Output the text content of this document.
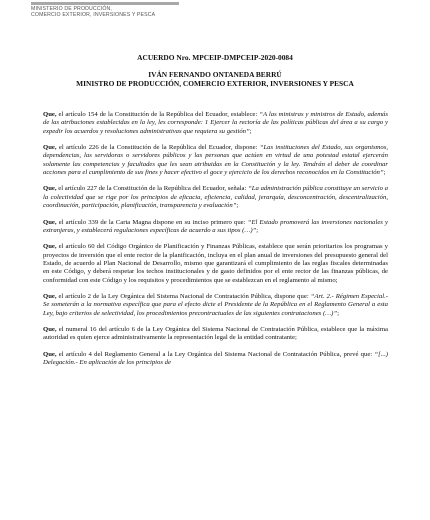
MINISTERIO DE PRODUCCIÓN,
COMERCIO EXTERIOR, INVERSIONES Y PESCA
ACUERDO Nro. MPCEIP-DMPCEIP-2020-0084
IVÁN FERNANDO ONTANEDA BERRÚ
MINISTRO DE PRODUCCIÓN, COMERCIO EXTERIOR, INVERSIONES Y PESCA

Que, el artículo 154 de la Constitución de la República del Ecuador, establece: “A las ministras y ministros de Estado, además de las atribuciones establecidas en la ley, les corresponde: 1 Ejercer la rectoría de las políticas públicas del área a su cargo y expedir los acuerdos y resoluciones administrativas que requiera su gestión”;

Que, el artículo 226 de la Constitución de la República del Ecuador, dispone: “Las instituciones del Estado, sus organismos, dependencias, las servidoras o servidores públicos y las personas que actúen en virtud de una potestad estatal ejercerán solamente las competencias y facultades que les sean atribuidas en la Constitución y la ley. Tendrán el deber de coordinar acciones para el cumplimiento de sus fines y hacer efectivo el goce y ejercicio de los derechos reconocidos en la Constitución”;

Que, el artículo 227 de la Constitución de la República del Ecuador, señala: “La administración pública constituye un servicio a la colectividad que se rige por los principios de eficacia, eficiencia, calidad, jerarquía, desconcentración, descentralización, coordinación, participación, planificación, transparencia y evaluación”;

Que, el artículo 339 de la Carta Magna dispone en su inciso primero que: “El Estado promoverá las inversiones nacionales y extranjeras, y establecerá regulaciones específicas de acuerdo a sus tipos (…)”;

Que, el artículo 60 del Código Orgánico de Planificación y Finanzas Públicas, establece que serán prioritarios los programas y proyectos de inversión que el ente rector de la planificación, incluya en el plan anual de inversiones del presupuesto general del Estado, de acuerdo al Plan Nacional de Desarrollo, mismo que garantizará el cumplimiento de las reglas fiscales determinadas en este Código, y deberá respetar los techos institucionales y de gasto definidos por el ente rector de las finanzas públicas, de conformidad con este Código y los requisitos y procedimientos que se establezcan en el reglamento al mismo;

Que, el artículo 2 de la Ley Orgánica del Sistema Nacional de Contratación Pública, dispone que: “Art. 2.- Régimen Especial.- Se someterán a la normativa específica que para el efecto dicte el Presidente de la República en el Reglamento General a esta Ley, bajo criterios de selectividad, los procedimientos precontractuales de las siguientes contrataciones (…)”;

Que, el numeral 16 del artículo 6 de la Ley Orgánica del Sistema Nacional de Contratación Pública, establece que la máxima autoridad es quien ejerce administrativamente la representación legal de la entidad contratante;

Que, el artículo 4 del Reglamento General a la Ley Orgánica del Sistema Nacional de Contratación Pública, prevé que: “[...) Delegación.- En aplicación de los principios de
